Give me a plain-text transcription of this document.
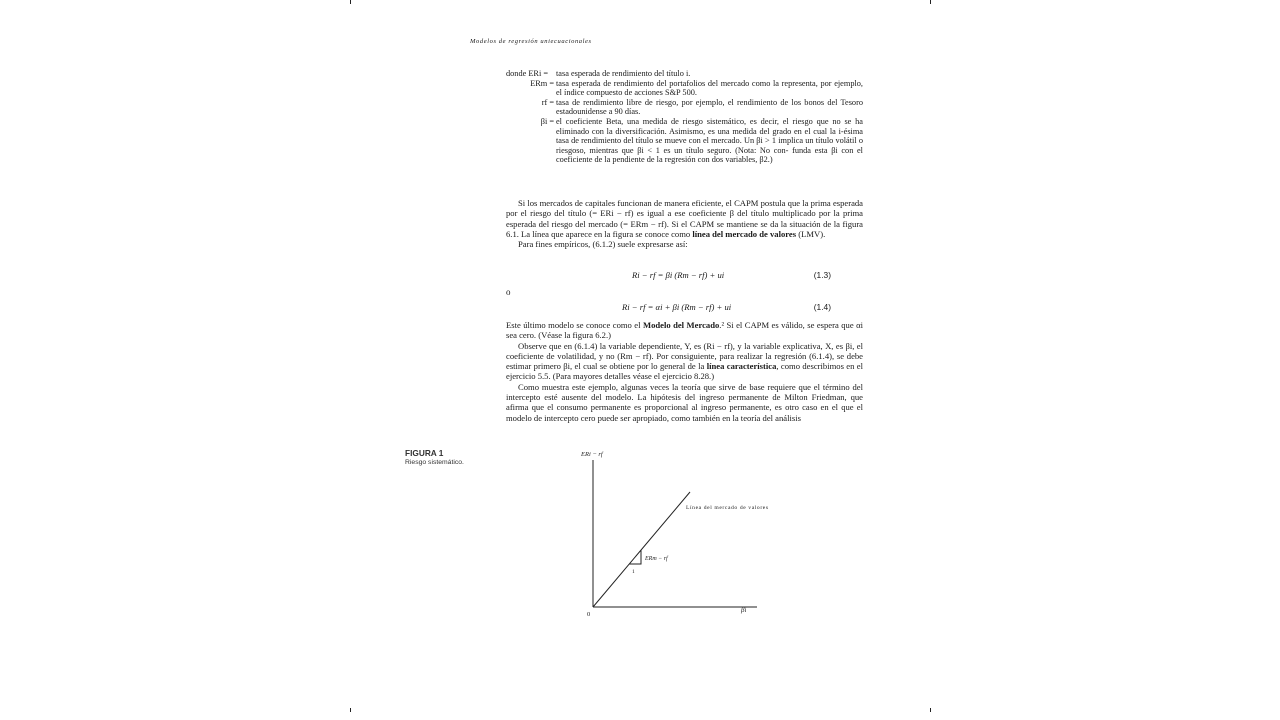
Modelos de regresión uniecuacionales
donde ERi = tasa esperada de rendimiento del título i.
ERm = tasa esperada de rendimiento del portafolios del mercado como la representa, por ejemplo, el índice compuesto de acciones S&P 500.
rf = tasa de rendimiento libre de riesgo, por ejemplo, el rendimiento de los bonos del Tesoro estadounidense a 90 días.
βi = el coeficiente Beta, una medida de riesgo sistemático, es decir, el riesgo que no se ha eliminado con la diversificación. Asimismo, es una medida del grado en el cual la i-ésima tasa de rendimiento del título se mueve con el mercado. Un βi > 1 implica un título volátil o riesgoso, mientras que βi < 1 es un título seguro. (Nota: No con- funda esta βi con el coeficiente de la pendiente de la regresión con dos variables, β2.)

Si los mercados de capitales funcionan de manera eficiente, el CAPM postula que la prima esperada por el riesgo del título (= ERi − rf) es igual a ese coeficiente β del título multiplicado por la prima esperada del riesgo del mercado (= ERm − rf). Si el CAPM se mantiene se da la situación de la figura 6.1. La línea que aparece en la figura se conoce como línea del mercado de valores (LMV).

Para fines empíricos, (6.1.2) suele expresarse así:

Ri − rf = βi (Rm − rf) + ui	(1.3)
o
Ri − rf = αi + βi (Rm − rf) + ui	(1.4)

Este último modelo se conoce como el Modelo del Mercado.² Si el CAPM es válido, se espera que αi sea cero. (Véase la figura 6.2.)

Observe que en (6.1.4) la variable dependiente, Y, es (Ri − rf), y la variable explicativa, X, es βi, el coeficiente de volatilidad, y no (Rm − rf). Por consiguiente, para realizar la regresión (6.1.4), se debe estimar primero βi, el cual se obtiene por lo general de la línea característica, como describimos en el ejercicio 5.5. (Para mayores detalles véase el ejercicio 8.28.)

Como muestra este ejemplo, algunas veces la teoría que sirve de base requiere que el término del intercepto esté ausente del modelo. La hipótesis del ingreso permanente de Milton Friedman, que afirma que el consumo permanente es proporcional al ingreso permanente, es otro caso en el que el modelo de intercepto cero puede ser apropiado, como también en la teoría del análisis

FIGURA 1
Riesgo sistemático.
ERi − rf
βi
0
Línea del mercado de valores
ERm − rf
1
